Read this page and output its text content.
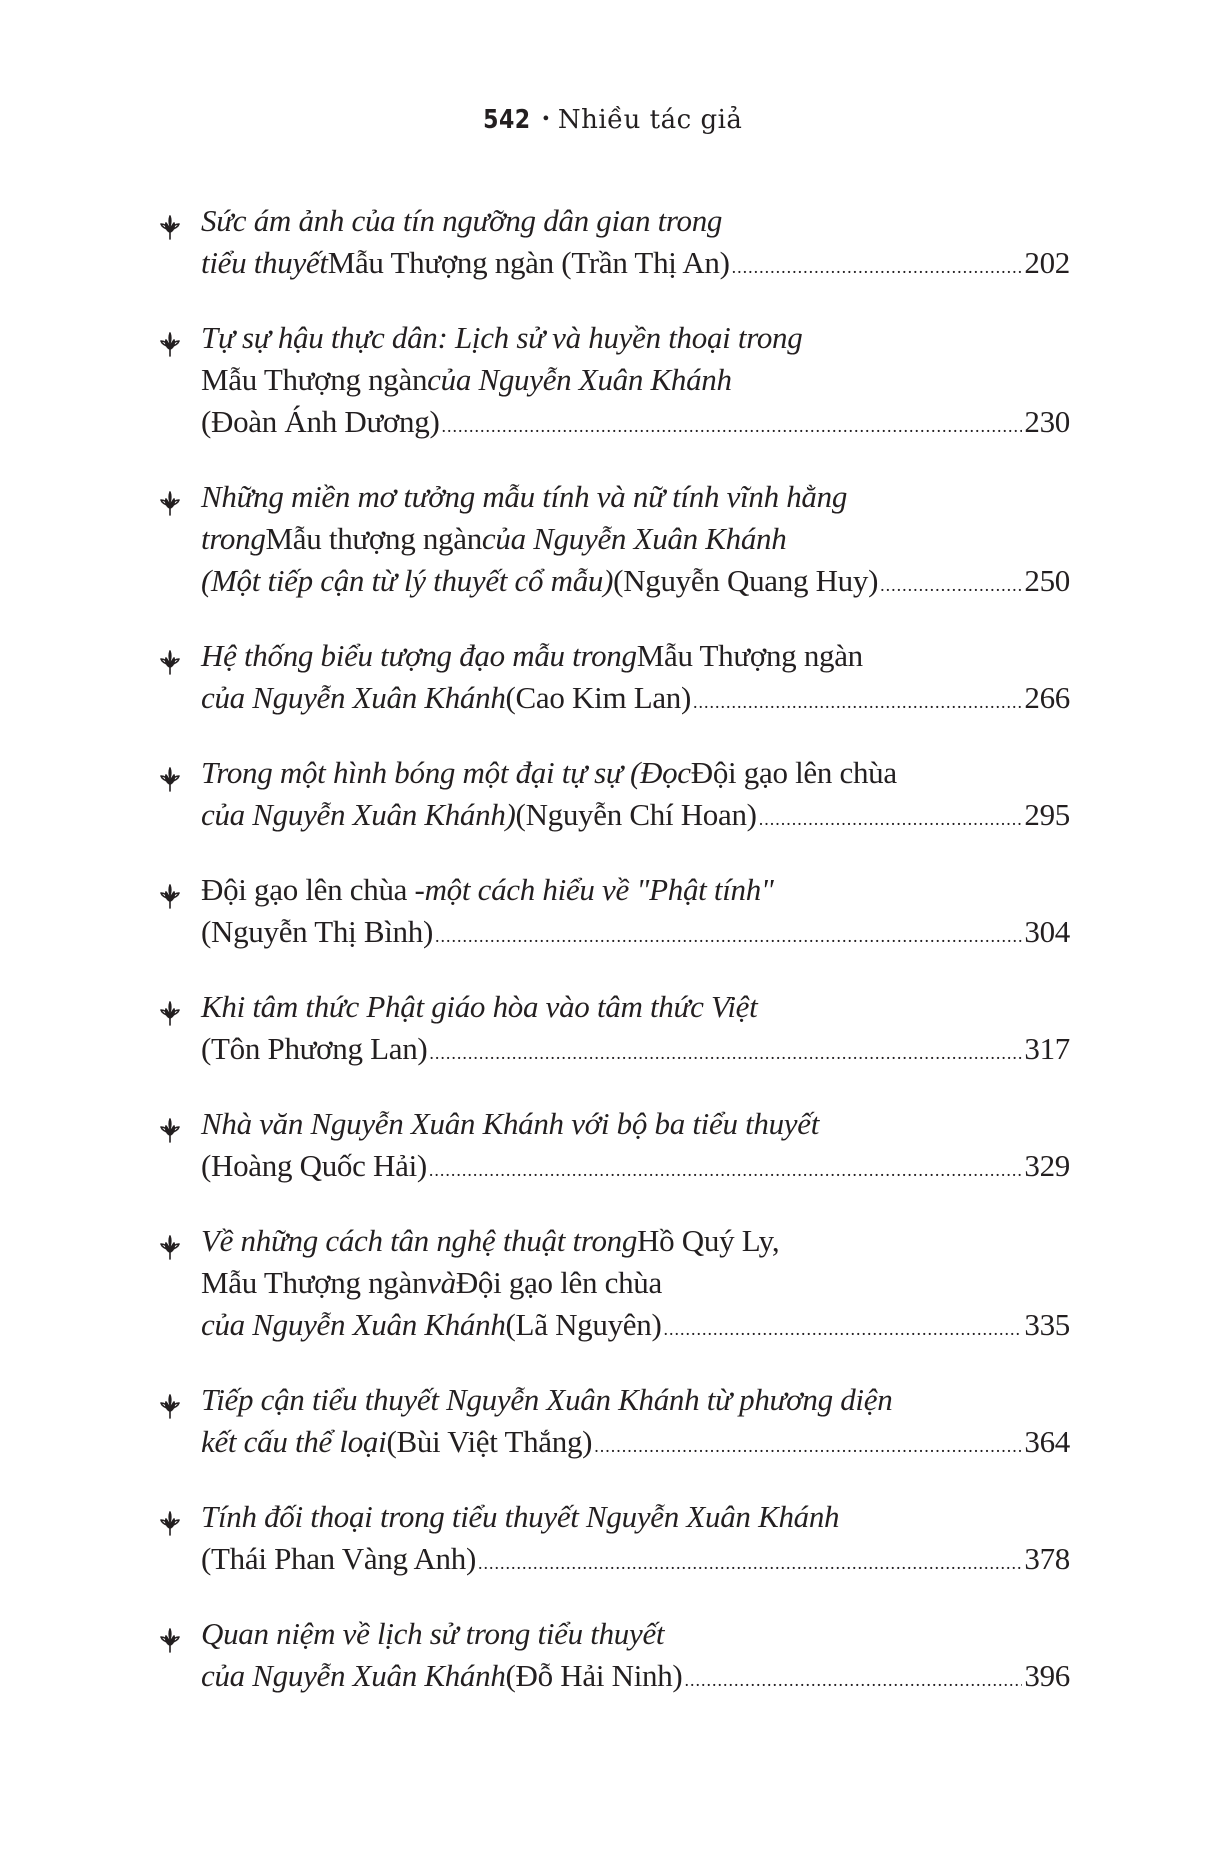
542 • Nhiều tác giả
Sức ám ảnh của tín ngưỡng dân gian trong
tiểu thuyết Mẫu Thượng ngàn (Trần Thị An) .....	202
Tự sự hậu thực dân: Lịch sử và huyền thoại trong
Mẫu Thượng ngàn của Nguyễn Xuân Khánh
(Đoàn Ánh Dương) .....	230
Những miền mơ tưởng mẫu tính và nữ tính vĩnh hằng
trong Mẫu thượng ngàn của Nguyễn Xuân Khánh
(Một tiếp cận từ lý thuyết cổ mẫu) (Nguyễn Quang Huy) .....	250
Hệ thống biểu tượng đạo mẫu trong Mẫu Thượng ngàn
của Nguyễn Xuân Khánh (Cao Kim Lan) .....	266
Trong một hình bóng một đại tự sự (Đọc Đội gạo lên chùa
của Nguyễn Xuân Khánh) (Nguyễn Chí Hoan) .....	295
Đội gạo lên chùa - một cách hiểu về "Phật tính"
(Nguyễn Thị Bình) .....	304
Khi tâm thức Phật giáo hòa vào tâm thức Việt
(Tôn Phương Lan) .....	317
Nhà văn Nguyễn Xuân Khánh với bộ ba tiểu thuyết
(Hoàng Quốc Hải) .....	329
Về những cách tân nghệ thuật trong Hồ Quý Ly,
Mẫu Thượng ngàn và Đội gạo lên chùa
của Nguyễn Xuân Khánh (Lã Nguyên) .....	335
Tiếp cận tiểu thuyết Nguyễn Xuân Khánh từ phương diện
kết cấu thể loại (Bùi Việt Thắng) .....	364
Tính đối thoại trong tiểu thuyết Nguyễn Xuân Khánh
(Thái Phan Vàng Anh) .....	378
Quan niệm về lịch sử trong tiểu thuyết
của Nguyễn Xuân Khánh (Đỗ Hải Ninh) .....	396
